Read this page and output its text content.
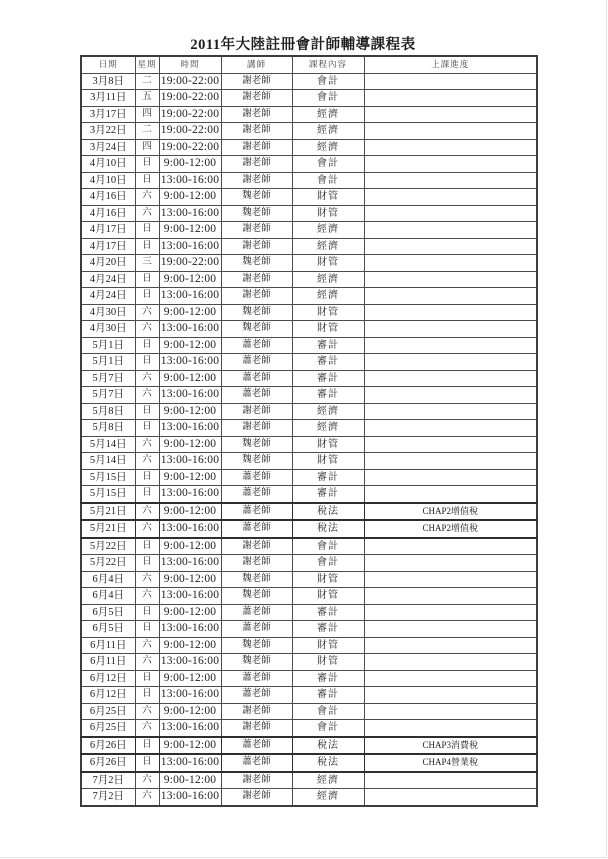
2011年大陸註冊會計師輔導課程表
日期	星期	時間	講師	課程內容	上課進度
3月8日	二	19:00-22:00	謝老師	會計	
3月11日	五	19:00-22:00	謝老師	會計	
3月17日	四	19:00-22:00	謝老師	經濟	
3月22日	二	19:00-22:00	謝老師	經濟	
3月24日	四	19:00-22:00	謝老師	經濟	
4月10日	日	9:00-12:00	謝老師	會計	
4月10日	日	13:00-16:00	謝老師	會計	
4月16日	六	9:00-12:00	魏老師	財管	
4月16日	六	13:00-16:00	魏老師	財管	
4月17日	日	9:00-12:00	謝老師	經濟	
4月17日	日	13:00-16:00	謝老師	經濟	
4月20日	三	19:00-22:00	魏老師	財管	
4月24日	日	9:00-12:00	謝老師	經濟	
4月24日	日	13:00-16:00	謝老師	經濟	
4月30日	六	9:00-12:00	魏老師	財管	
4月30日	六	13:00-16:00	魏老師	財管	
5月1日	日	9:00-12:00	蕭老師	審計	
5月1日	日	13:00-16:00	蕭老師	審計	
5月7日	六	9:00-12:00	蕭老師	審計	
5月7日	六	13:00-16:00	蕭老師	審計	
5月8日	日	9:00-12:00	謝老師	經濟	
5月8日	日	13:00-16:00	謝老師	經濟	
5月14日	六	9:00-12:00	魏老師	財管	
5月14日	六	13:00-16:00	魏老師	財管	
5月15日	日	9:00-12:00	蕭老師	審計	
5月15日	日	13:00-16:00	蕭老師	審計	
5月21日	六	9:00-12:00	蕭老師	稅法	CHAP2增值稅
5月21日	六	13:00-16:00	蕭老師	稅法	CHAP2增值稅
5月22日	日	9:00-12:00	謝老師	會計	
5月22日	日	13:00-16:00	謝老師	會計	
6月4日	六	9:00-12:00	魏老師	財管	
6月4日	六	13:00-16:00	魏老師	財管	
6月5日	日	9:00-12:00	蕭老師	審計	
6月5日	日	13:00-16:00	蕭老師	審計	
6月11日	六	9:00-12:00	魏老師	財管	
6月11日	六	13:00-16:00	魏老師	財管	
6月12日	日	9:00-12:00	蕭老師	審計	
6月12日	日	13:00-16:00	蕭老師	審計	
6月25日	六	9:00-12:00	謝老師	會計	
6月25日	六	13:00-16:00	謝老師	會計	
6月26日	日	9:00-12:00	蕭老師	稅法	CHAP3消費稅
6月26日	日	13:00-16:00	蕭老師	稅法	CHAP4營業稅
7月2日	六	9:00-12:00	謝老師	經濟	
7月2日	六	13:00-16:00	謝老師	經濟	
